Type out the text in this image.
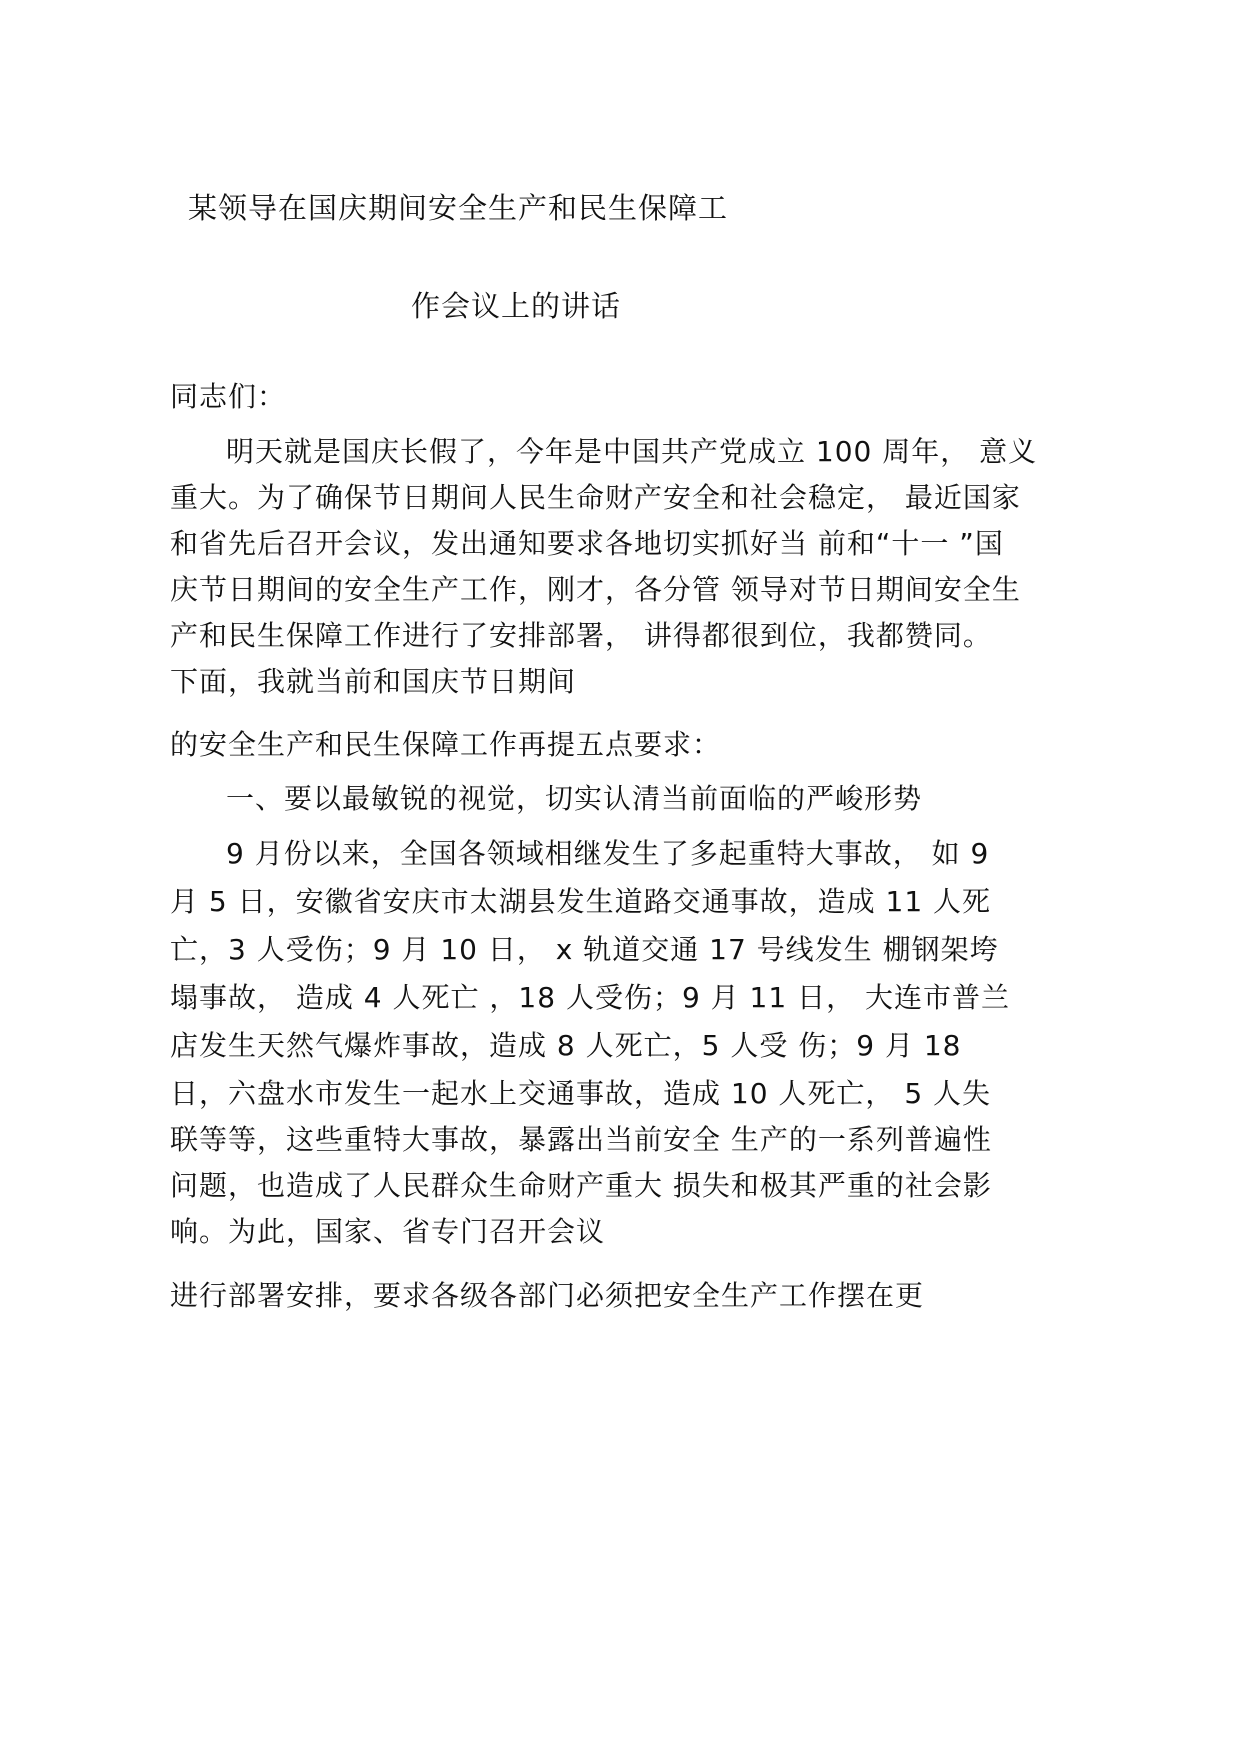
某领导在国庆期间安全生产和民生保障工
作会议上的讲话
同志们：
明天就是国庆长假了，今年是中国共产党成立 100 周年， 意义
重大。为了确保节日期间人民生命财产安全和社会稳定， 最近国家
和省先后召开会议，发出通知要求各地切实抓好当 前和“十一 ”国
庆节日期间的安全生产工作，刚才，各分管 领导对节日期间安全生
产和民生保障工作进行了安排部署， 讲得都很到位，我都赞同。
下面，我就当前和国庆节日期间
的安全生产和民生保障工作再提五点要求：
一、要以最敏锐的视觉，切实认清当前面临的严峻形势
9 月份以来，全国各领域相继发生了多起重特大事故， 如 9
月 5 日，安徽省安庆市太湖县发生道路交通事故，造成 11 人死
亡，3 人受伤；9 月 10 日， x 轨道交通 17 号线发生 棚钢架垮
塌事故， 造成 4 人死亡 ，18 人受伤；9 月 11 日， 大连市普兰
店发生天然气爆炸事故，造成 8 人死亡，5 人受 伤；9 月 18
日，六盘水市发生一起水上交通事故，造成 10 人死亡， 5 人失
联等等，这些重特大事故，暴露出当前安全 生产的一系列普遍性
问题，也造成了人民群众生命财产重大 损失和极其严重的社会影
响。为此，国家、省专门召开会议
进行部署安排，要求各级各部门必须把安全生产工作摆在更
